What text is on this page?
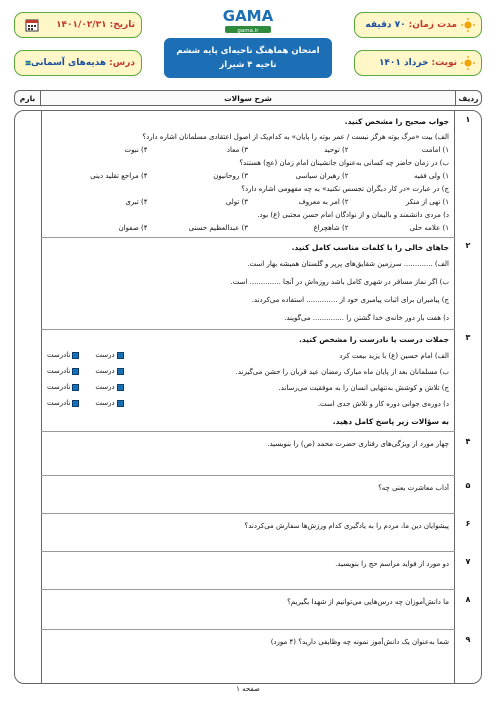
مدت زمان:
۷۰ دقیقه
نوبت:
خرداد ۱۴۰۱
تاریخ:
۱۴۰۱/۰۲/۳۱
درس:
هدیه‌های آسمانی
GAMA
gama.ir
امتحان هماهنگ ناحیه‌ای پایه ششم
ناحیه ۴ شیراز
ردیف
شرح سوالات
بارم
۱
جواب صحیح را مشخص کنید.
الف) بیت «مرگ بوته هرگز نیست / عمر بوته را پایان» به کدام‌یک از اصول اعتقادی مسلمانان اشاره دارد؟
۱) امامت
۲) توحید
۳) معاد
۴) نبوت
ب) در زمان حاضر چه کسانی به‌عنوان جانشینان امام زمان (عج) هستند؟
۱) ولی فقیه
۲) رهبران سیاسی
۳) روحانیون
۴) مراجع تقلید دینی
ج) در عبارت «در کار دیگران تجسس نکنید» به چه مفهومی اشاره دارد؟
۱) نهی از منکر
۲) امر به معروف
۳) تولی
۴) تبری
د) مردی دانشمند و بالیمان و از نوادگان امام حسن مجتبی (ع) بود.
۱) علامه حلی
۲) شاهچراغ
۳) عبدالعظیم حسنی
۴) صفوان
۲
جاهای خالی را با کلمات مناسب کامل کنید.
الف) ............. سرزمین شقایق‌های پرپر و گلستان همیشه بهار است.
ب) اگر نماز مسافر در شهری کامل باشد روزه‌اش در آنجا .............. است.
ج) پیامبران برای اثبات پیامبری خود از .............. استفاده می‌کردند.
د) هفت بار دور خانه‌ی خدا گشتن را .............. می‌گویند.
۳
جملات درست یا نادرست را مشخص کنید.
الف) امام حسین (ع) با یزید بیعت کرد
درست
نادرست
ب) مسلمانان بعد از پایان ماه مبارک رمضان عید قربان را جشن می‌گیرند.
درست
نادرست
ج) تلاش و کوشش به‌تنهایی انسان را به موفقیت می‌رساند.
درست
نادرست
د) دوره‌ی جوانی دوره کار و تلاش جدی است.
درست
نادرست
به سؤالات زیر پاسخ کامل دهید.
۴
چهار مورد از ویژگی‌های رفتاری حضرت محمد (ص) را بنویسید.
۵
آداب معاشرت یعنی چه؟
۶
پیشوایان دین ما، مردم را به یادگیری کدام ورزش‌ها سفارش می‌کردند؟
۷
دو مورد از فواید مراسم حج را بنویسید.
۸
ما دانش‌آموزان چه درس‌هایی می‌توانیم از شهدا بگیریم؟
۹
شما به‌عنوان یک دانش‌آموز نمونه چه وظایفی دارید؟ (۴ مورد)
صفحه ۱
